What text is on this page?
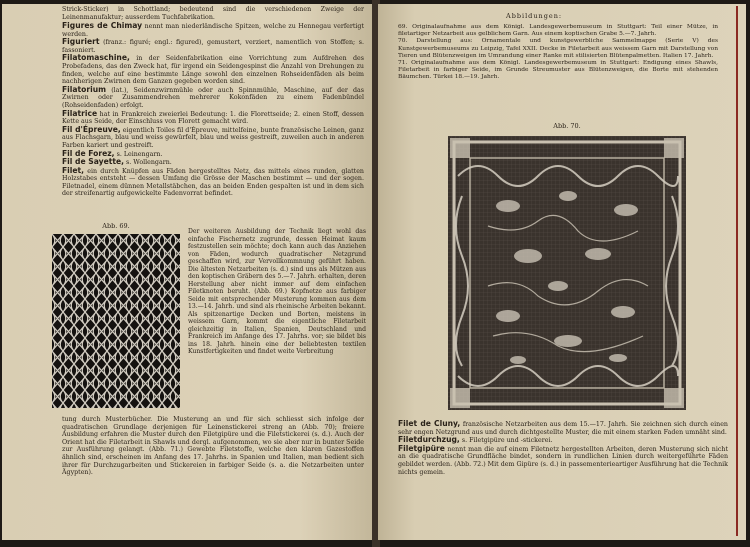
Strick-Sticker) in Schottland; bedeutend sind die verschiedenen Zweige der Leinenmanufaktur; ausserdem Tuchfabrikation.
Figures de Chimay nennt man niederländische Spitzen, welche zu Hennegau verfertigt werden.
Figuriert (franz.: figuré; engl.: figured), gemustert, verziert, namentlich von Stoffen; s. fassoniert.
Filatomaschine, in der Seidenfabrikation eine Vorrichtung zum Aufdrehen des Probefadens, das den Zweck hat, für irgend ein Seidengespinst die Anzahl von Drehungen zu finden, welche auf eine bestimmte Länge sowohl den einzelnen Rohseidenfäden als beim nachherigen Zwirnen dem Ganzen gegeben worden sind.
Filatorium (lat.), Seidenzwirnmühle oder auch Spinnmühle, Maschine, auf der das Zwirnen oder Zusammendrehen mehrerer Kokonfäden zu einem Fadenbündel (Rohseidenfaden) erfolgt.
Filatrice hat in Frankreich zweierlei Bedeutung: 1. die Florettseide; 2. einen Stoff, dessen Kette aus Seide, der Einschluss von Florett gemacht wird.
Fil d'Épreuve, eigentlich Toiles fil d'Épreuve, mittelfeine, bunte französische Leinen, ganz aus Flachsgarn, blau und weiss gewürfelt, blau und weiss gestreift, zuweilen auch in anderen Farben kariert und gestreift.
Fil de Forez, s. Leinengarn.
Fil de Sayette, s. Wollengarn.
Filet, ein durch Knüpfen aus Fäden hergestelltes Netz, das mittels eines runden, glatten Holzstabes entsteht — dessen Umfang die Grösse der Maschen bestimmt — und der sogen. Filetnadel, einem dünnen Metallstäbchen, das an beiden Enden gespalten ist und in dem sich der streifenartig aufgewickelte Fadenvorrat befindet.
Abb. 69.
Der weiteren Ausbildung der Technik liegt wohl das einfache Fischernetz zugrunde, dessen Heimat kaum festzustellen sein möchte; doch kann auch das Anziehen von Fäden, wodurch quadratischer Netzgrund geschaffen wird, zur Vervollkommnung geführt haben. Die ältesten Netzarbeiten (s. d.) sind uns als Mützen aus den koptischen Gräbern des 5.—7. Jahrh. erhalten, deren Herstellung aber nicht immer auf dem einfachen Filetknoten beruht. (Abb. 69.) Kopfnetze aus farbiger Seide mit entsprechender Musterung kommen aus dem 13.—14. Jahrh. und sind als rheinische Arbeiten bekannt. Als spitzenartige Decken und Borten, meistens in weissem Garn, kommt die eigentliche Filetarbeit gleichzeitig in Italien, Spanien, Deutschland und Frankreich im Anfange des 17. Jahrhs. vor; sie bildet bis ins 18. Jahrh. hinein eine der beliebtesten textilen Kunstfertigkeiten und findet weite Verbreitung
tung durch Musterbücher. Die Musterung an und für sich schliesst sich infolge der quadratischen Grundlage derjenigen für Leinenstickerei streng an (Abb. 70); freiere Ausbildung erfahren die Muster durch den Filetgipüre und die Filetstickerei (s. d.). Auch der Orient hat die Filetarbeit in Shawls und dergl. aufgenommen, wo sie aber nur in bunter Seide zur Ausführung gelangt. (Abb. 71.) Gewebte Filetstoffe, welche den klaren Gazestoffen ähnlich sind, erscheinen im Anfang des 17. Jahrhs. in Spanien und Italien, man bedient sich ihrer für Durchzugarbeiten und Stickereien in farbiger Seide (s. a. die Netzarbeiten unter Ägypten).
Abbildungen:
69. Originalaufnahme aus dem Königl. Landesgewerbemuseum in Stuttgart: Teil einer Mütze, in filetartiger Netzarbeit aus gelblichem Garn. Aus einem koptischen Grabe 5.—7. Jahrh.
70. Darstellung aus: Ornamentale und kunstgewerbliche Sammelmappe (Serie V) des Kunstgewerbemuseums zu Leipzig, Tafel XXII. Decke in Filetarbeit aus weissem Garn mit Darstellung von Tieren und Blütenzweigen im Umrandung einer Ranke mit stilisierten Blütenpalmetten. Italien 17. Jahrh.
71. Originalaufnahme aus dem Königl. Landesgewerbemuseum in Stuttgart: Endigung eines Shawls, Filetarbeit in farbiger Seide, im Grunde Streumuster aus Blütenzweigen, die Borte mit stehenden Bäumchen. Türkei 18.—19. Jahrh.
Abb. 70.
Filet de Cluny, französische Netzarbeiten aus dem 15.—17. Jahrh. Sie zeichnen sich durch einen sehr engen Netzgrund aus und durch dichtgestellte Muster, die mit einem starken Faden umnäht sind.
Filetdurchzug, s. Filetgipüre und -stickerei.
Filetgipüre nennt man die auf einem Filetnetz hergestellten Arbeiten, deren Musterung sich nicht an die quadratische Grundfläche bindet, sondern in rundlichen Linien durch weitergeführte Fäden gebildet werden. (Abb. 72.) Mit dem Gipüre (s. d.) in passementerieartiger Ausführung hat die Technik nichts gemein.
